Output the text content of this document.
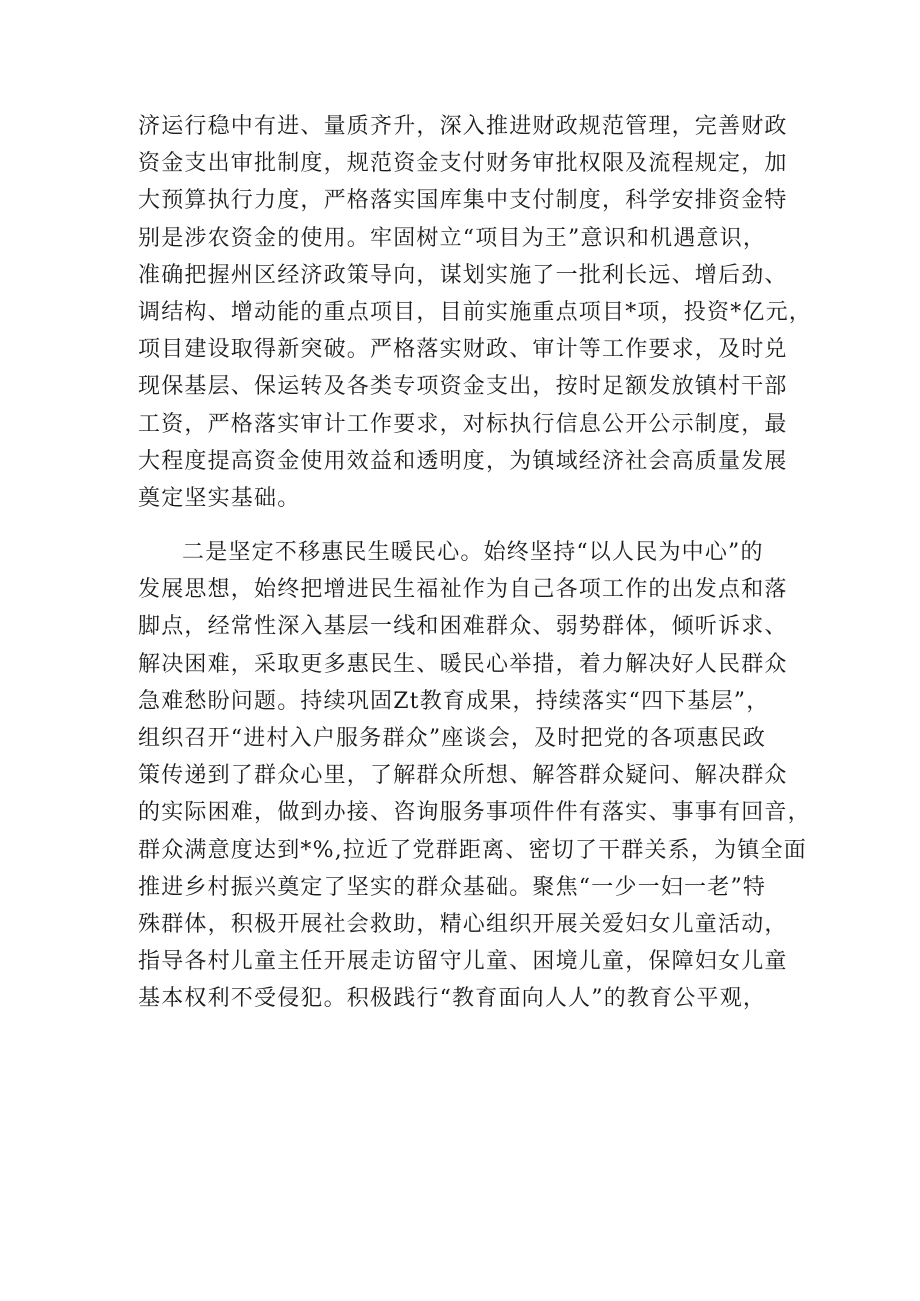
济运行稳中有进、量质齐升，深入推进财政规范管理，完善财政
资金支出审批制度，规范资金支付财务审批权限及流程规定，加
大预算执行力度，严格落实国库集中支付制度，科学安排资金特
别是涉农资金的使用。牢固树立“项目为王”意识和机遇意识，
准确把握州区经济政策导向，谋划实施了一批利长远、增后劲、
调结构、增动能的重点项目，目前实施重点项目*项，投资*亿元，
项目建设取得新突破。严格落实财政、审计等工作要求，及时兑
现保基层、保运转及各类专项资金支出，按时足额发放镇村干部
工资，严格落实审计工作要求，对标执行信息公开公示制度，最
大程度提高资金使用效益和透明度，为镇域经济社会高质量发展
奠定坚实基础。
二是坚定不移惠民生暖民心。始终坚持“以人民为中心”的
发展思想，始终把增进民生福祉作为自己各项工作的出发点和落
脚点，经常性深入基层一线和困难群众、弱势群体，倾听诉求、
解决困难，采取更多惠民生、暖民心举措，着力解决好人民群众
急难愁盼问题。持续巩固Zt教育成果，持续落实“四下基层”，
组织召开“进村入户服务群众”座谈会，及时把党的各项惠民政
策传递到了群众心里，了解群众所想、解答群众疑问、解决群众
的实际困难，做到办接、咨询服务事项件件有落实、事事有回音，
群众满意度达到*%,拉近了党群距离、密切了干群关系，为镇全面
推进乡村振兴奠定了坚实的群众基础。聚焦“一少一妇一老”特
殊群体，积极开展社会救助，精心组织开展关爱妇女儿童活动，
指导各村儿童主任开展走访留守儿童、困境儿童，保障妇女儿童
基本权利不受侵犯。积极践行“教育面向人人”的教育公平观，
